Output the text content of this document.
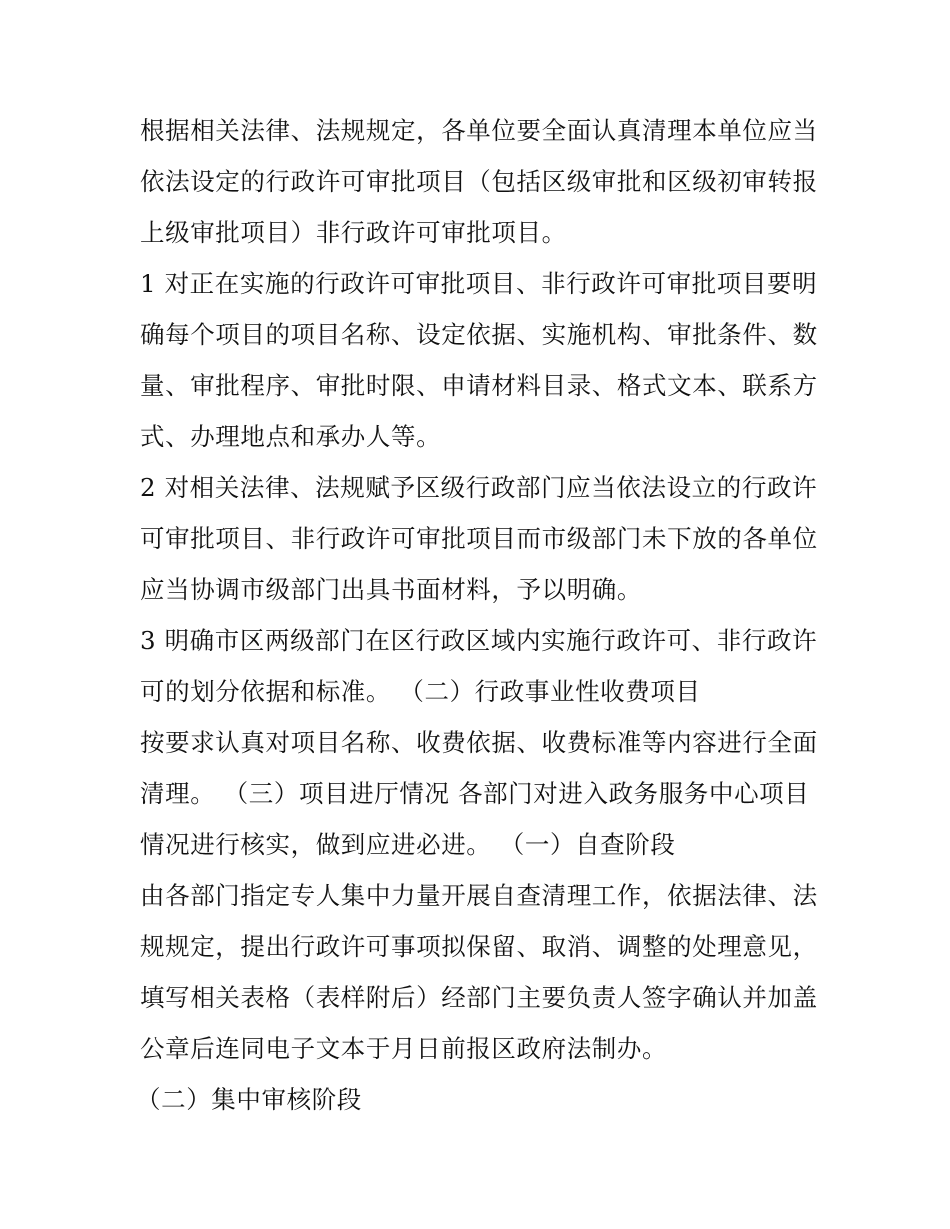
根据相关法律、法规规定，各单位要全面认真清理本单位应当
依法设定的行政许可审批项目（包括区级审批和区级初审转报
上级审批项目）非行政许可审批项目。
1 对正在实施的行政许可审批项目、非行政许可审批项目要明
确每个项目的项目名称、设定依据、实施机构、审批条件、数
量、审批程序、审批时限、申请材料目录、格式文本、联系方
式、办理地点和承办人等。
2 对相关法律、法规赋予区级行政部门应当依法设立的行政许
可审批项目、非行政许可审批项目而市级部门未下放的各单位
应当协调市级部门出具书面材料，予以明确。
3 明确市区两级部门在区行政区域内实施行政许可、非行政许
可的划分依据和标准。 （二）行政事业性收费项目
按要求认真对项目名称、收费依据、收费标准等内容进行全面
清理。 （三）项目进厅情况 各部门对进入政务服务中心项目
情况进行核实，做到应进必进。 （一）自查阶段
由各部门指定专人集中力量开展自查清理工作，依据法律、法
规规定，提出行政许可事项拟保留、取消、调整的处理意见，
填写相关表格（表样附后）经部门主要负责人签字确认并加盖
公章后连同电子文本于月日前报区政府法制办。
（二）集中审核阶段
